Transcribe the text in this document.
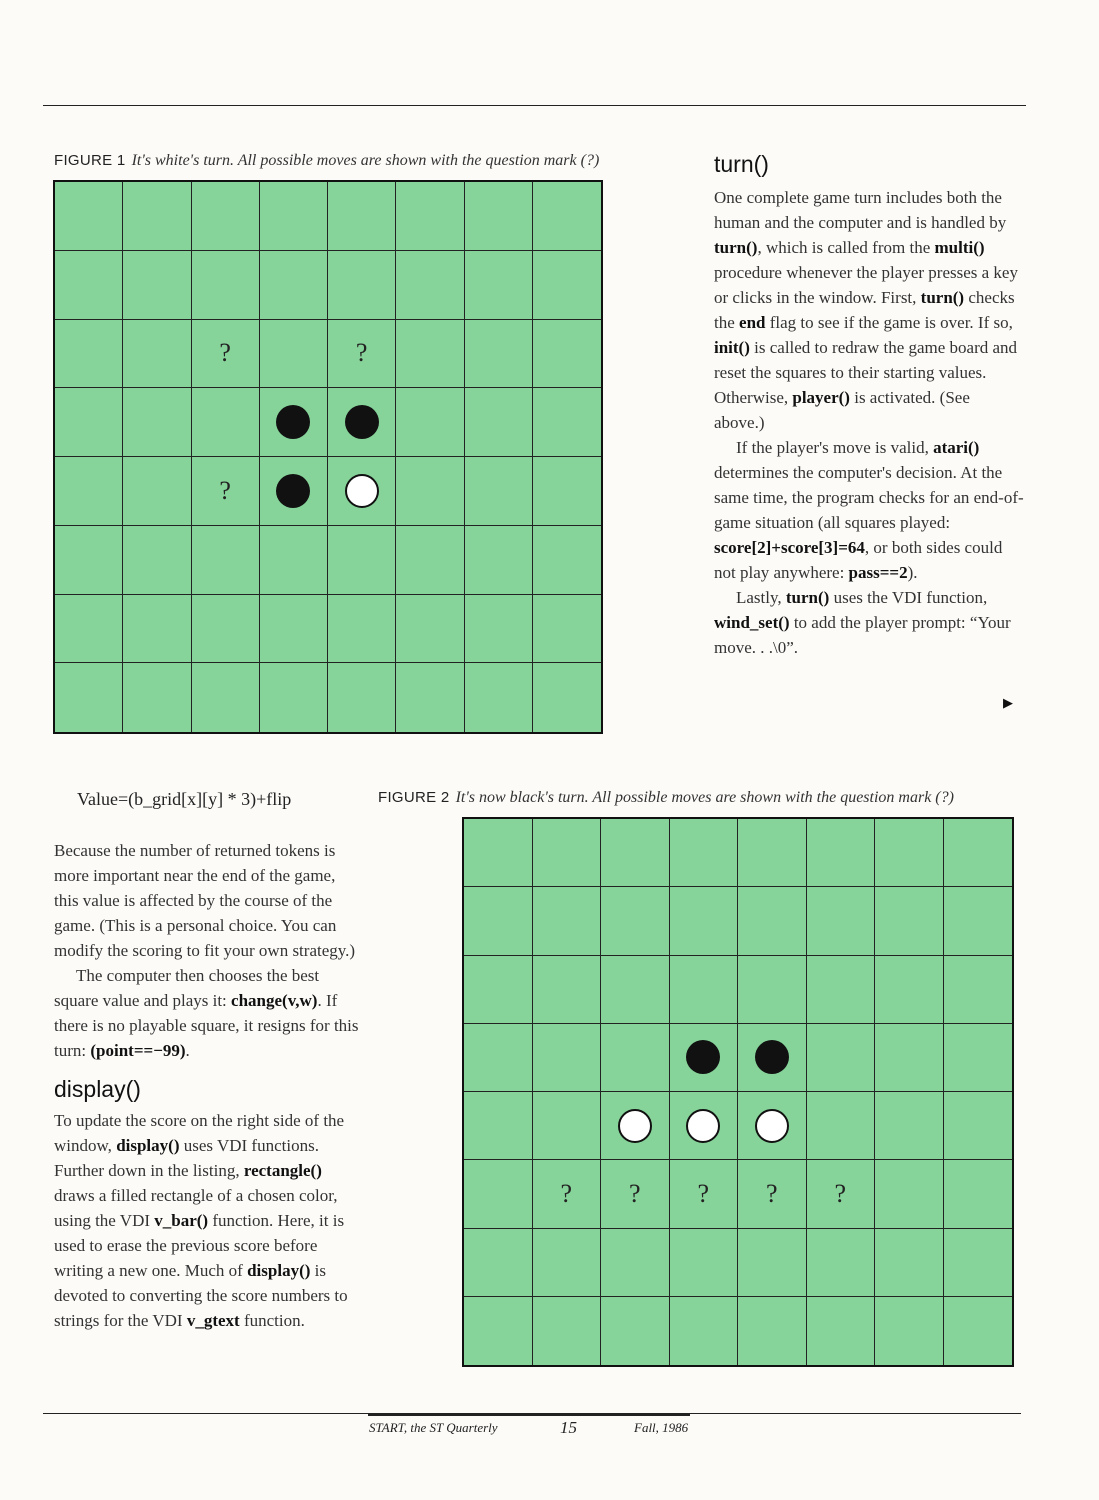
FIGURE 1 It's white's turn. All possible moves are shown with the question mark (?)
?	?
?
turn()

One complete game turn includes both the human and the computer and is handled by turn(), which is called from the multi() procedure whenever the player presses a key or clicks in the window. First, turn() checks the end flag to see if the game is over. If so, init() is called to redraw the game board and reset the squares to their starting values. Otherwise, player() is activated. (See above.)

If the player's move is valid, atari() determines the computer's decision. At the same time, the program checks for an end-of-game situation (all squares played: score[2]+score[3]=64, or both sides could not play anywhere: pass==2).

Lastly, turn() uses the VDI function, wind_set() to add the player prompt: “Your move. . .\0”.

▶
Value=(b_grid[x][y] * 3)+flip

Because the number of returned tokens is more important near the end of the game, this value is affected by the course of the game. (This is a personal choice. You can modify the scoring to fit your own strategy.)

The computer then chooses the best square value and plays it: change(v,w). If there is no playable square, it resigns for this turn: (point==−99).

display()

To update the score on the right side of the window, display() uses VDI functions. Further down in the listing, rectangle() draws a filled rectangle of a chosen color, using the VDI v_bar() function. Here, it is used to erase the previous score before writing a new one. Much of display() is devoted to converting the score numbers to strings for the VDI v_gtext function.

FIGURE 2 It's now black's turn. All possible moves are shown with the question mark (?)
? ? ? ? ?
START, the ST Quarterly	15	Fall, 1986
